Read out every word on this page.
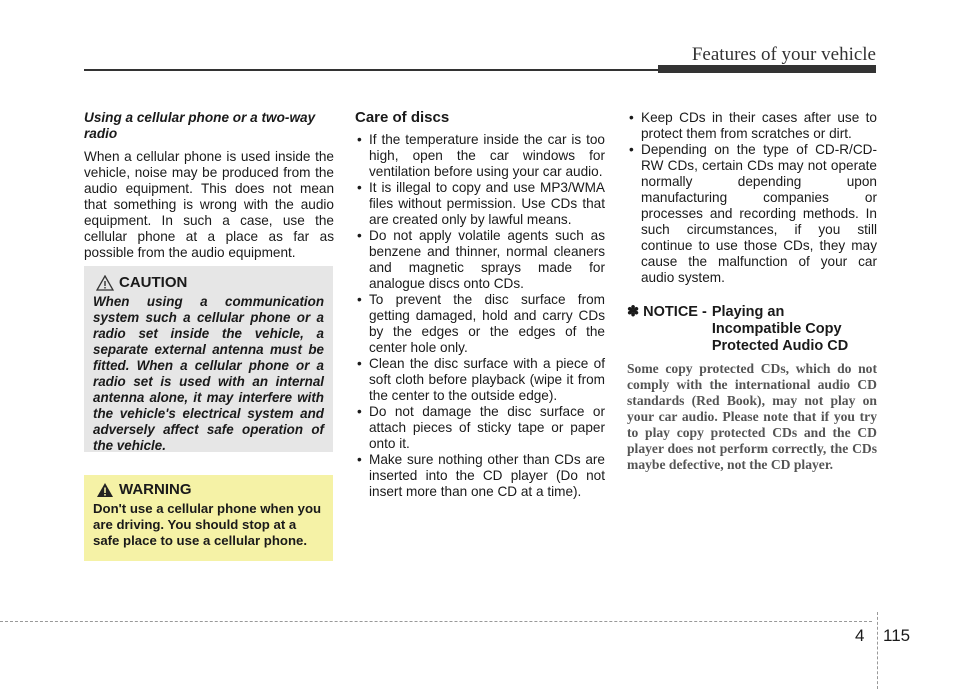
Features of your vehicle

Using a cellular phone or a two-way radio

When a cellular phone is used inside the vehicle, noise may be produced from the audio equipment. This does not mean that something is wrong with the audio equipment. In such a case, use the cellular phone at a place as far as possible from the audio equipment.

CAUTION

When using a communication system such a cellular phone or a radio set inside the vehicle, a separate external antenna must be fitted. When a cellular phone or a radio set is used with an internal antenna alone, it may interfere with the vehicle's electrical system and adversely affect safe operation of the vehicle.

WARNING

Don't use a cellular phone when you are driving. You should stop at a safe place to use a cellular phone.

Care of discs

• If the temperature inside the car is too high, open the car windows for ventilation before using your car audio.
• It is illegal to copy and use MP3/WMA files without permission. Use CDs that are created only by lawful means.
• Do not apply volatile agents such as benzene and thinner, normal cleaners and magnetic sprays made for analogue discs onto CDs.
• To prevent the disc surface from getting damaged, hold and carry CDs by the edges or the edges of the center hole only.
• Clean the disc surface with a piece of soft cloth before playback (wipe it from the center to the outside edge).
• Do not damage the disc surface or attach pieces of sticky tape or paper onto it.
• Make sure nothing other than CDs are inserted into the CD player (Do not insert more than one CD at a time).
• Keep CDs in their cases after use to protect them from scratches or dirt.
• Depending on the type of CD-R/CD-RW CDs, certain CDs may not operate normally depending upon manufacturing companies or processes and recording methods. In such circumstances, if you still continue to use those CDs, they may cause the malfunction of your car audio system.
✽ NOTICE - Playing an Incompatible Copy Protected Audio CD

Some copy protected CDs, which do not comply with the international audio CD standards (Red Book), may not play on your car audio. Please note that if you try to play copy protected CDs and the CD player does not perform correctly, the CDs maybe defective, not the CD player.

4 115
